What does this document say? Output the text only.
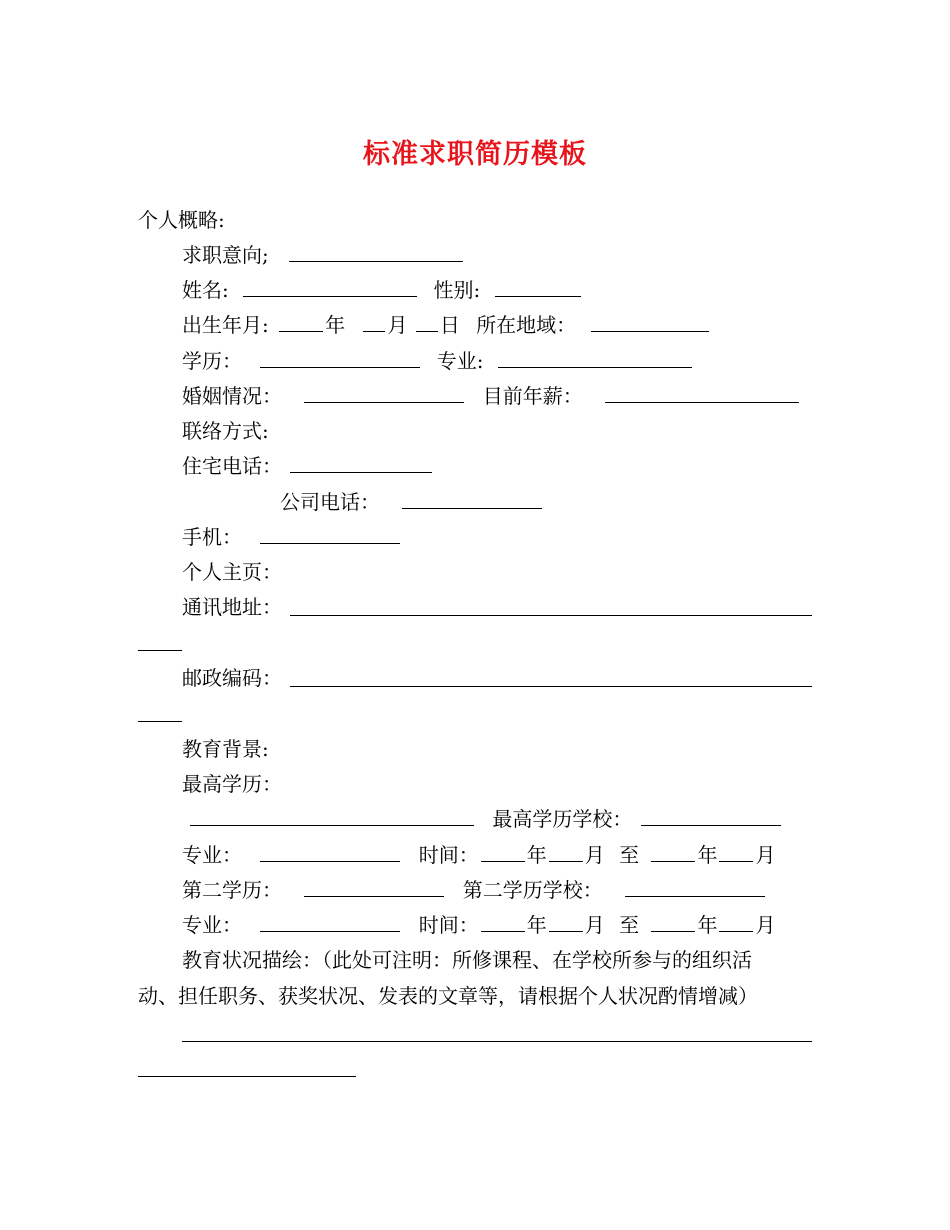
标准求职简历模板
个人概略:
求职意向;
姓名:	性别:
出生年月:	年 月 日 所在地域：
学历：	专业:
婚姻情况：	目前年薪：
联络方式:
住宅电话：
公司电话：
手机：
个人主页：
通讯地址：
邮政编码：
教育背景:
最高学历：
最高学历学校：
专业：	时间： 年 月 至	年 月
第二学历：	第二学历学校：
专业：	时间： 年 月 至	年 月
教育状况描绘：（此处可注明：所修课程、在学校所参与的组织活
动、担任职务、获奖状况、发表的文章等，请根据个人状况酌情增减）
